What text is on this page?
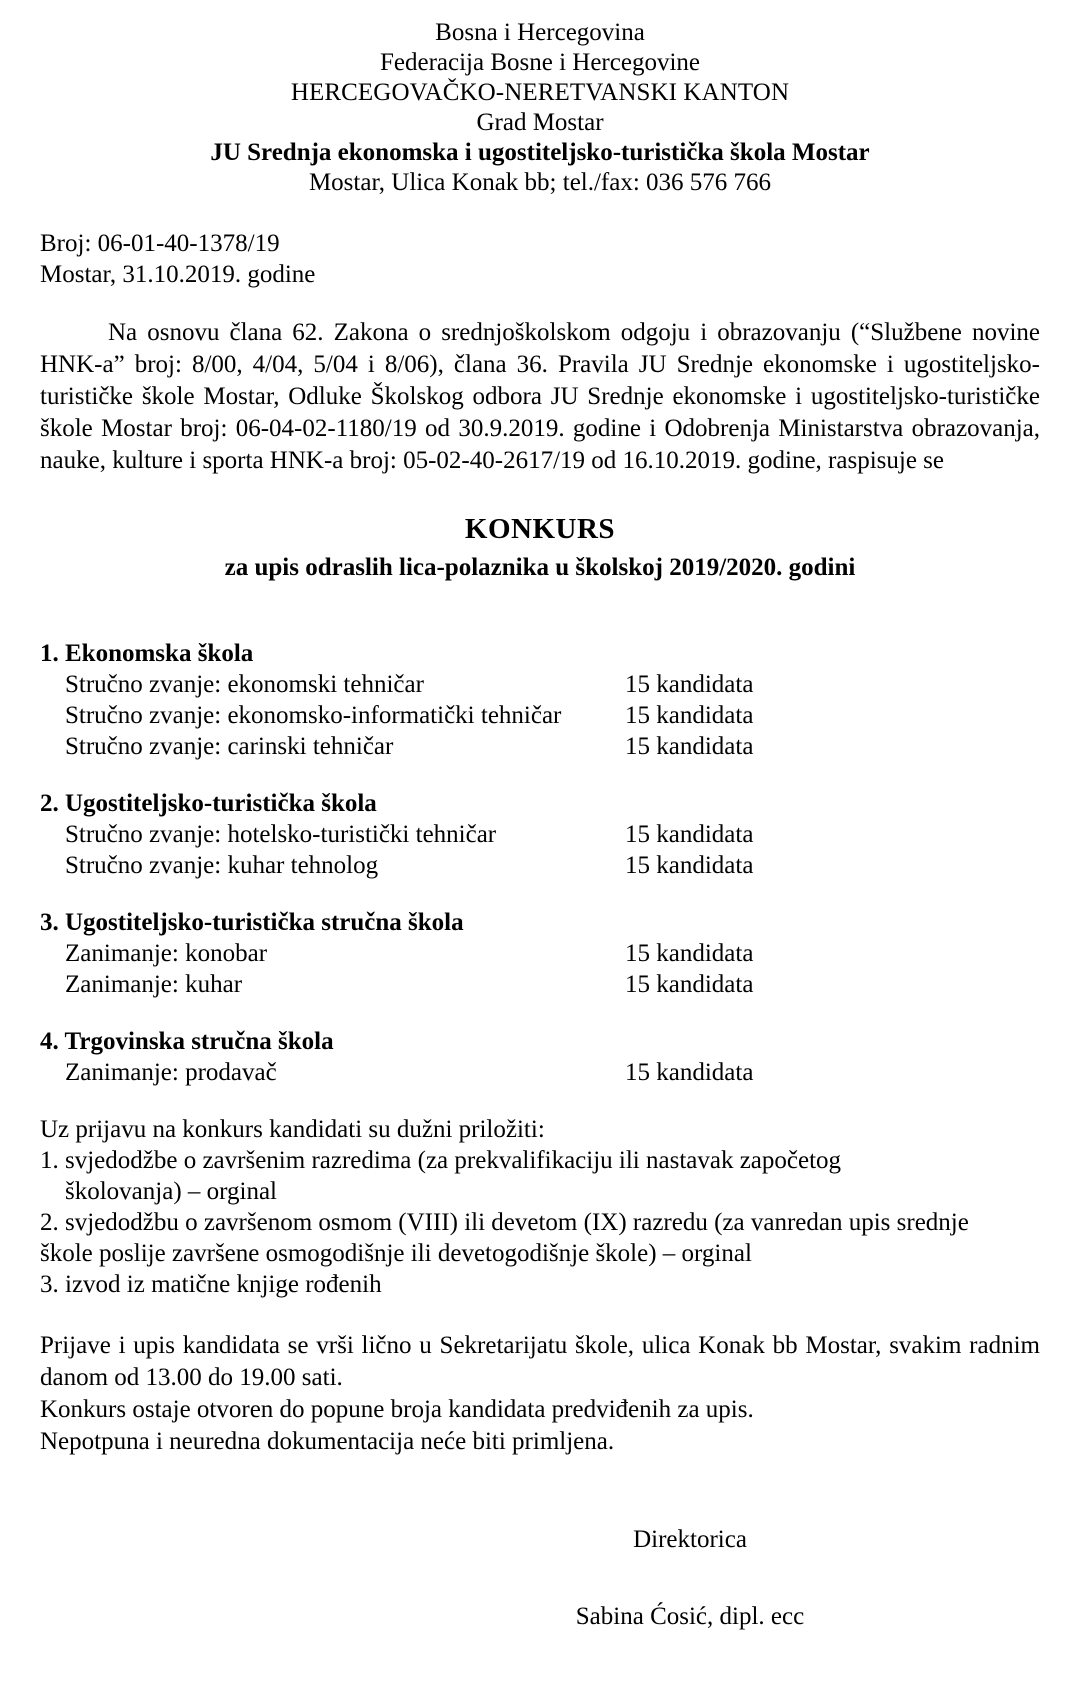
Bosna i Hercegovina
Federacija Bosne i Hercegovine
HERCEGOVAČKO-NERETVANSKI KANTON
Grad Mostar
JU Srednja ekonomska i ugostiteljsko-turistička škola Mostar
Mostar, Ulica Konak bb; tel./fax: 036 576 766
Broj: 06-01-40-1378/19
Mostar, 31.10.2019. godine
Na osnovu člana 62. Zakona o srednjoškolskom odgoju i obrazovanju (“Službene novine HNK-a” broj: 8/00, 4/04, 5/04 i 8/06), člana 36. Pravila JU Srednje ekonomske i ugostiteljsko-turističke škole Mostar, Odluke Školskog odbora JU Srednje ekonomske i ugostiteljsko-turističke škole Mostar broj: 06-04-02-1180/19 od 30.9.2019. godine i Odobrenja Ministarstva obrazovanja, nauke, kulture i sporta HNK-a broj: 05-02-40-2617/19 od 16.10.2019. godine, raspisuje se
KONKURS
za upis odraslih lica-polaznika u školskoj 2019/2020. godini
1. Ekonomska škola
Stručno zvanje: ekonomski tehničar	15 kandidata
Stručno zvanje: ekonomsko-informatički tehničar	15 kandidata
Stručno zvanje: carinski tehničar	15 kandidata
2. Ugostiteljsko-turistička škola
Stručno zvanje: hotelsko-turistički tehničar	15 kandidata
Stručno zvanje: kuhar tehnolog	15 kandidata
3. Ugostiteljsko-turistička stručna škola
Zanimanje: konobar	15 kandidata
Zanimanje: kuhar	15 kandidata
4. Trgovinska stručna škola
Zanimanje: prodavač	15 kandidata
Uz prijavu na konkurs kandidati su dužni priložiti:
1. svjedodžbe o završenim razredima (za prekvalifikaciju ili nastavak započetog
školovanja) – orginal
2. svjedodžbu o završenom osmom (VIII) ili devetom (IX) razredu (za vanredan upis srednje
škole poslije završene osmogodišnje ili devetogodišnje škole) – orginal
3. izvod iz matične knjige rođenih
Prijave i upis kandidata se vrši lično u Sekretarijatu škole, ulica Konak bb Mostar, svakim radnim danom od 13.00 do 19.00 sati.
Konkurs ostaje otvoren do popune broja kandidata predviđenih za upis.
Nepotpuna i neuredna dokumentacija neće biti primljena.
Direktorica
Sabina Ćosić, dipl. ecc
